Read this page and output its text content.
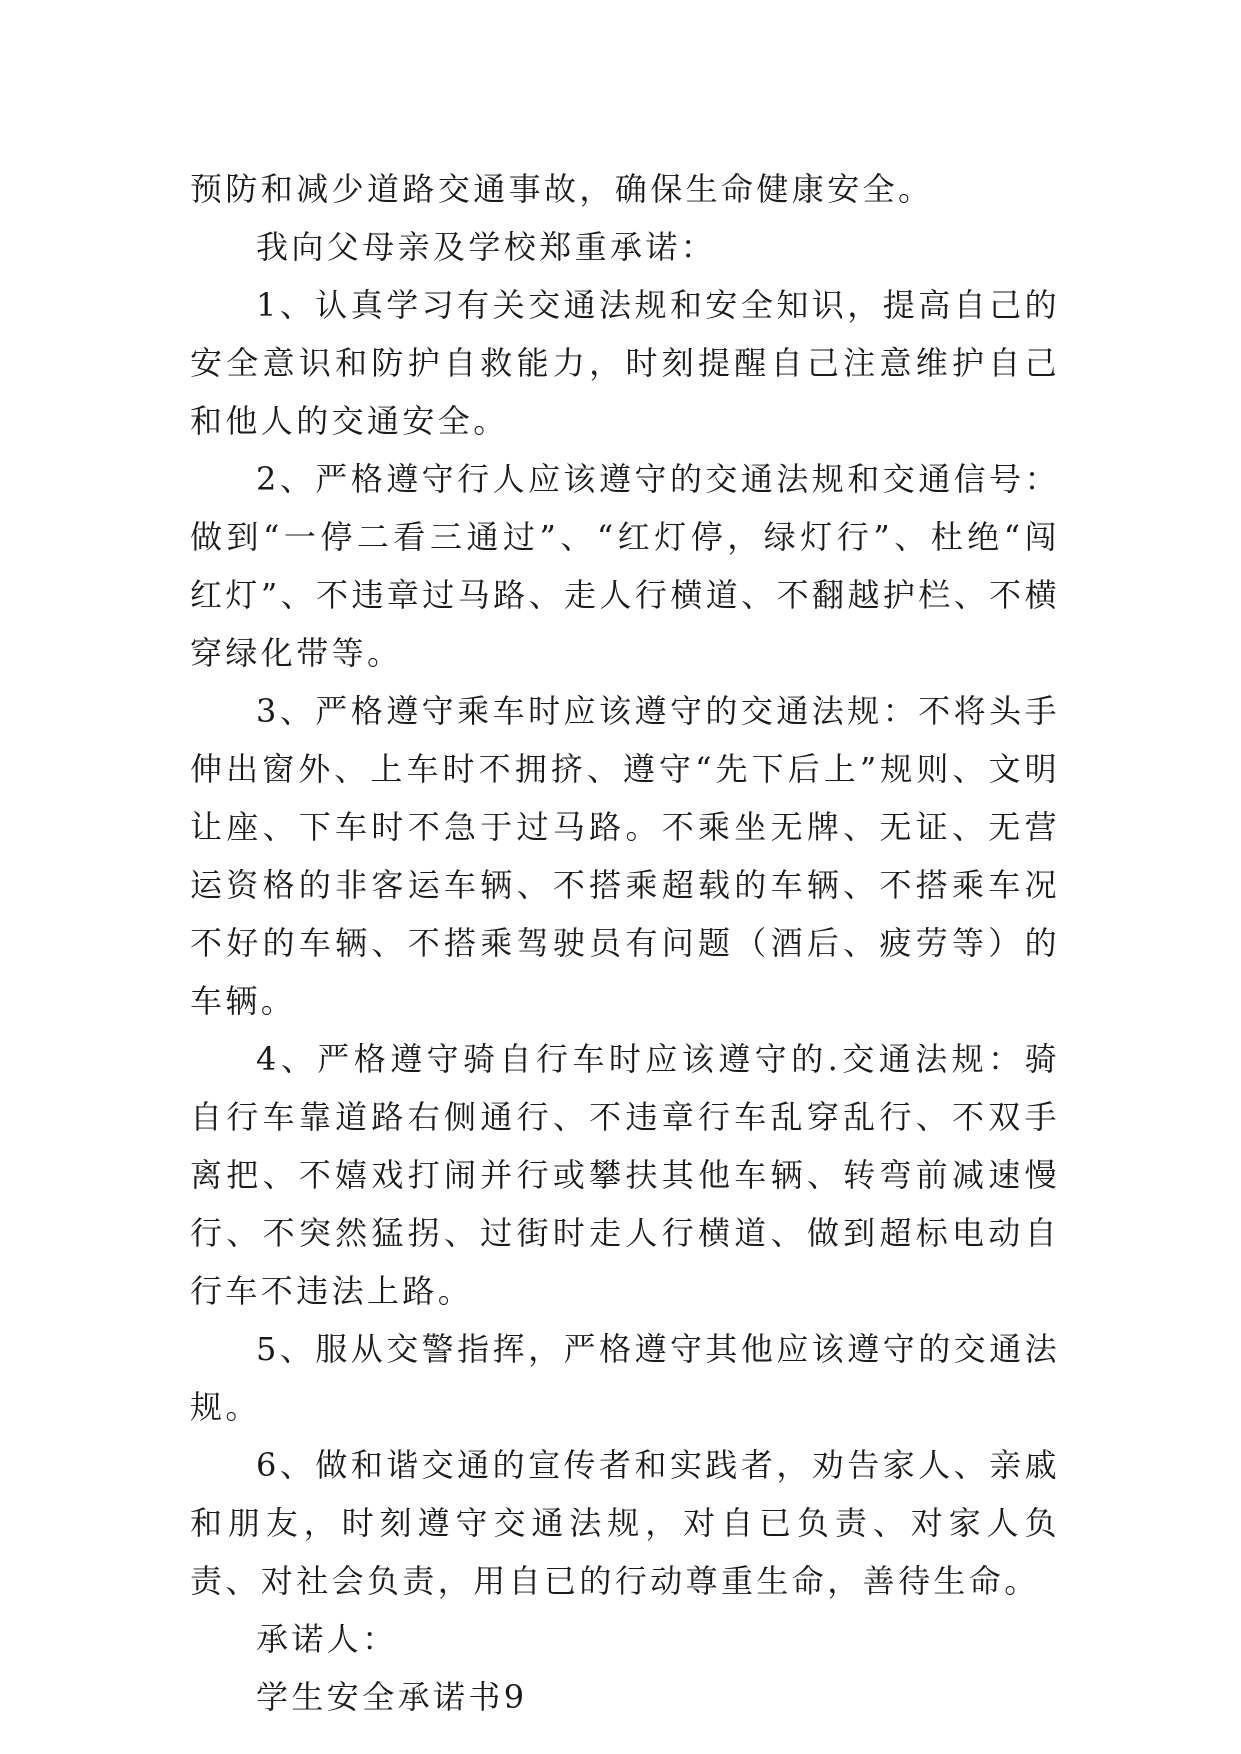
预防和减少道路交通事故，确保生命健康安全。

我向父母亲及学校郑重承诺：

1、认真学习有关交通法规和安全知识，提高自己的安全意识和防护自救能力，时刻提醒自己注意维护自己和他人的交通安全。

2、严格遵守行人应该遵守的交通法规和交通信号：做到“一停二看三通过”、“红灯停，绿灯行”、杜绝“闯红灯”、不违章过马路、走人行横道、不翻越护栏、不横穿绿化带等。

3、严格遵守乘车时应该遵守的交通法规：不将头手伸出窗外、上车时不拥挤、遵守“先下后上”规则、文明让座、下车时不急于过马路。不乘坐无牌、无证、无营运资格的非客运车辆、不搭乘超载的车辆、不搭乘车况不好的车辆、不搭乘驾驶员有问题（酒后、疲劳等）的车辆。

4、严格遵守骑自行车时应该遵守的.交通法规：骑自行车靠道路右侧通行、不违章行车乱穿乱行、不双手离把、不嬉戏打闹并行或攀扶其他车辆、转弯前减速慢行、不突然猛拐、过街时走人行横道、做到超标电动自行车不违法上路。

5、服从交警指挥，严格遵守其他应该遵守的交通法规。

6、做和谐交通的宣传者和实践者，劝告家人、亲戚和朋友，时刻遵守交通法规，对自已负责、对家人负责、对社会负责，用自已的行动尊重生命，善待生命。

承诺人：

学生安全承诺书9
